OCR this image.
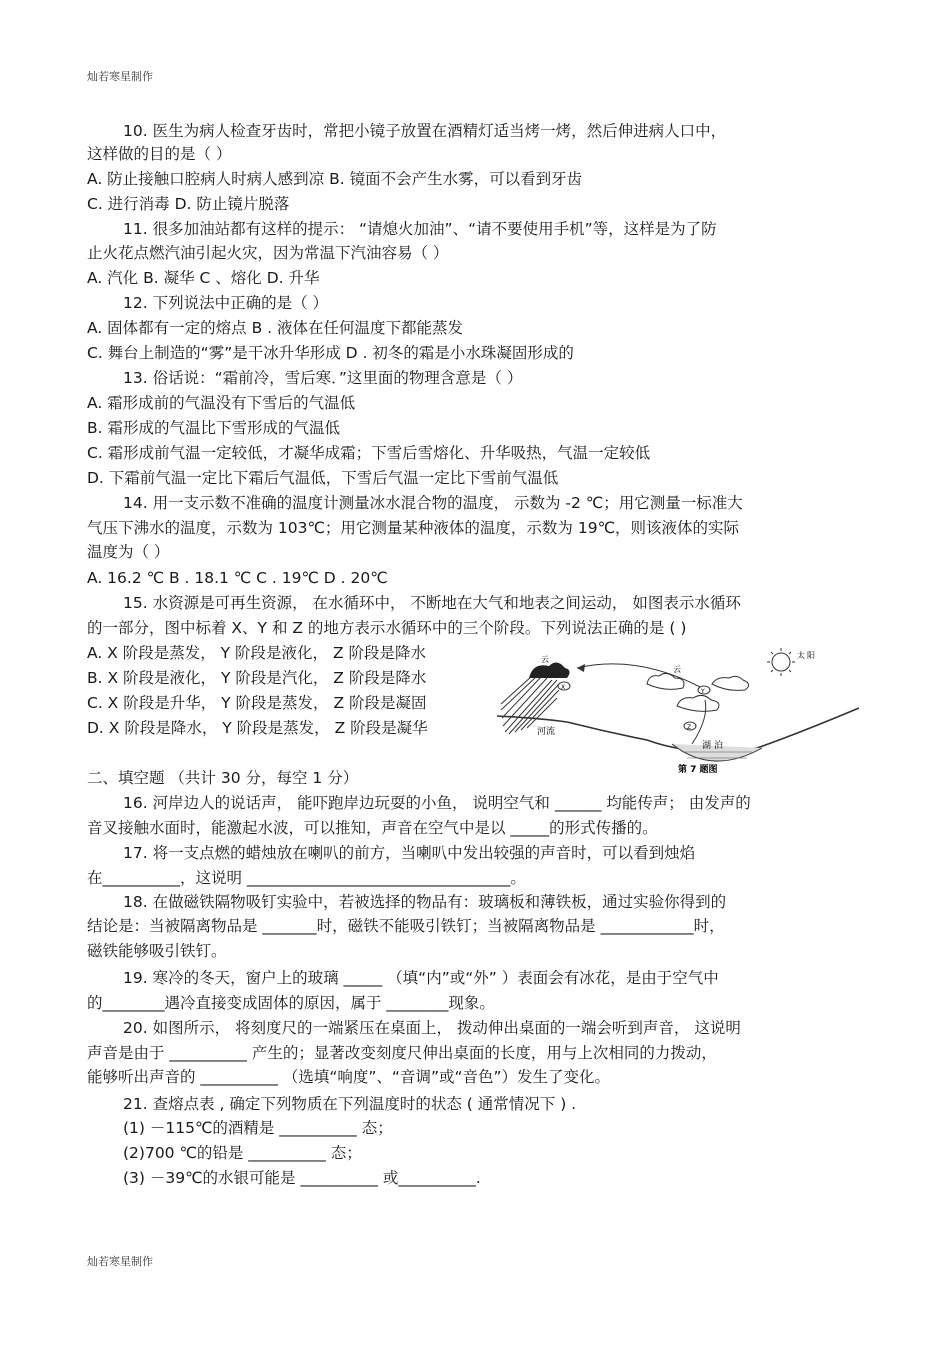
灿若寒星制作
10. 医生为病人检查牙齿时，常把小镜子放置在酒精灯适当烤一烤，然后伸进病人口中，
这样做的目的是（ ）
A. 防止接触口腔病人时病人感到凉 B. 镜面不会产生水雾，可以看到牙齿
C. 进行消毒 D. 防止镜片脱落
11. 很多加油站都有这样的提示： “请熄火加油”、“请不要使用手机”等，这样是为了防
止火花点燃汽油引起火灾，因为常温下汽油容易（ ）
A. 汽化 B. 凝华 C 、熔化 D. 升华
12. 下列说法中正确的是（ ）
A. 固体都有一定的熔点 B . 液体在任何温度下都能蒸发
C. 舞台上制造的“雾”是干冰升华形成 D . 初冬的霜是小水珠凝固形成的
13. 俗话说：“霜前冷，雪后寒．”这里面的物理含意是（ ）
A. 霜形成前的气温没有下雪后的气温低
B. 霜形成的气温比下雪形成的气温低
C. 霜形成前气温一定较低，才凝华成霜；下雪后雪熔化、升华吸热，气温一定较低
D. 下霜前气温一定比下霜后气温低，下雪后气温一定比下雪前气温低
14. 用一支示数不准确的温度计测量冰水混合物的温度， 示数为 -2 ℃；用它测量一标准大
气压下沸水的温度，示数为 103℃；用它测量某种液体的温度，示数为 19℃，则该液体的实际
温度为（ ）
A. 16.2 ℃ B . 18.1 ℃ C . 19℃ D . 20℃
15. 水资源是可再生资源， 在水循环中， 不断地在大气和地表之间运动， 如图表示水循环
的一部分，图中标着 X、Y 和 Z 的地方表示水循环中的三个阶段。下列说法正确的是 ( )
A. X 阶段是蒸发， Y 阶段是液化， Z 阶段是降水
B. X 阶段是液化， Y 阶段是汽化， Z 阶段是降水
C. X 阶段是升华， Y 阶段是蒸发， Z 阶段是凝固
D. X 阶段是降水， Y 阶段是蒸发， Z 阶段是凝华
二、填空题 （共计 30 分，每空 1 分）
16. 河岸边人的说话声， 能吓跑岸边玩耍的小鱼， 说明空气和 ______ 均能传声； 由发声的
音叉接触水面时，能激起水波，可以推知，声音在空气中是以 _____的形式传播的。
17. 将一支点燃的蜡烛放在喇叭的前方，当喇叭中发出较强的声音时，可以看到烛焰
在__________，这说明 __________________________________。
18. 在做磁铁隔物吸钉实验中，若被选择的物品有：玻璃板和薄铁板，通过实验你得到的
结论是：当被隔离物品是 _______时，磁铁不能吸引铁钉；当被隔离物品是 ____________时，
磁铁能够吸引铁钉。
19. 寒冷的冬天，窗户上的玻璃 _____ （填“内”或“外” ）表面会有冰花，是由于空气中
的________遇冷直接变成固体的原因，属于 ________现象。
20. 如图所示， 将刻度尺的一端紧压在桌面上， 拨动伸出桌面的一端会听到声音， 这说明
声音是由于 __________ 产生的；显著改变刻度尺伸出桌面的长度，用与上次相同的力拨动，
能够听出声音的 __________ （选填“响度”、“音调”或“音色”）发生了变化。
21. 查熔点表 , 确定下列物质在下列温度时的状态 ( 通常情况下 ) .
(1) －115℃的酒精是 __________ 态；
(2)700 ℃的铅是 __________ 态；
(3) －39℃的水银可能是 __________ 或__________.
X
Y
Z
云
云
太 阳
河流
湖 泊
第 7 题图
灿若寒星制作
